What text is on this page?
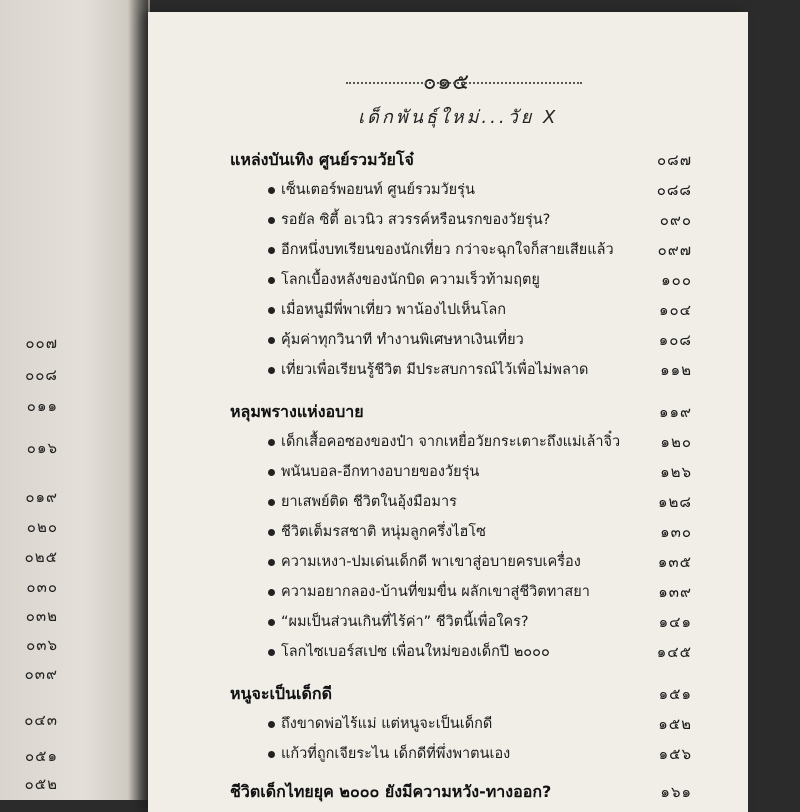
๐๐๗
๐๐๘
๐๑๑
๐๑๖
๐๑๙
๐๒๐
๐๒๕
๐๓๐
๐๓๒
๐๓๖
๐๓๙
๐๔๓
๐๕๑
๐๕๒
๐๑๕
เด็กพันธุ์ใหม่...วัย X
แหล่งบันเทิง ศูนย์รวมวัยโจ๋	๐๘๗
เซ็นเตอร์พอยนท์ ศูนย์รวมวัยรุ่น	๐๘๘
รอยัล ซิตี้ อเวนิว สวรรค์หรือนรกของวัยรุ่น?	๐๙๐
อีกหนึ่งบทเรียนของนักเที่ยว กว่าจะฉุกใจก็สายเสียแล้ว	๐๙๗
โลกเบื้องหลังของนักบิด ความเร็วท้ามฤตยู	๑๐๐
เมื่อหนูมีพี่พาเที่ยว พาน้องไปเห็นโลก	๑๐๔
คุ้มค่าทุกวินาที ทำงานพิเศษหาเงินเที่ยว	๑๐๘
เที่ยวเพื่อเรียนรู้ชีวิต มีประสบการณ์ไว้เพื่อไม่พลาด	๑๑๒
หลุมพรางแห่งอบาย	๑๑๙
เด็กเสื้อคอซองของป๋า จากเหยื่อวัยกระเตาะถึงแม่เล้าจิ๋ว	๑๒๐
พนันบอล-อีกทางอบายของวัยรุ่น	๑๒๖
ยาเสพย์ติด ชีวิตในอุ้งมือมาร	๑๒๘
ชีวิตเต็มรสชาติ หนุ่มลูกครึ่งไฮโซ	๑๓๐
ความเหงา-ปมเด่นเด็กดี พาเขาสู่อบายครบเครื่อง	๑๓๕
ความอยากลอง-บ้านที่ขมขื่น ผลักเขาสู่ชีวิตทาสยา	๑๓๙
“ผมเป็นส่วนเกินที่ไร้ค่า” ชีวิตนี้เพื่อใคร?	๑๔๑
โลกไซเบอร์สเปซ เพื่อนใหม่ของเด็กปี ๒๐๐๐	๑๔๕
หนูจะเป็นเด็กดี	๑๕๑
ถึงขาดพ่อไร้แม่ แต่หนูจะเป็นเด็กดี	๑๕๒
แก้วที่ถูกเจียระไน เด็กดีที่พึ่งพาตนเอง	๑๕๖
ชีวิตเด็กไทยยุค ๒๐๐๐ ยังมีความหวัง-ทางออก?	๑๖๑
